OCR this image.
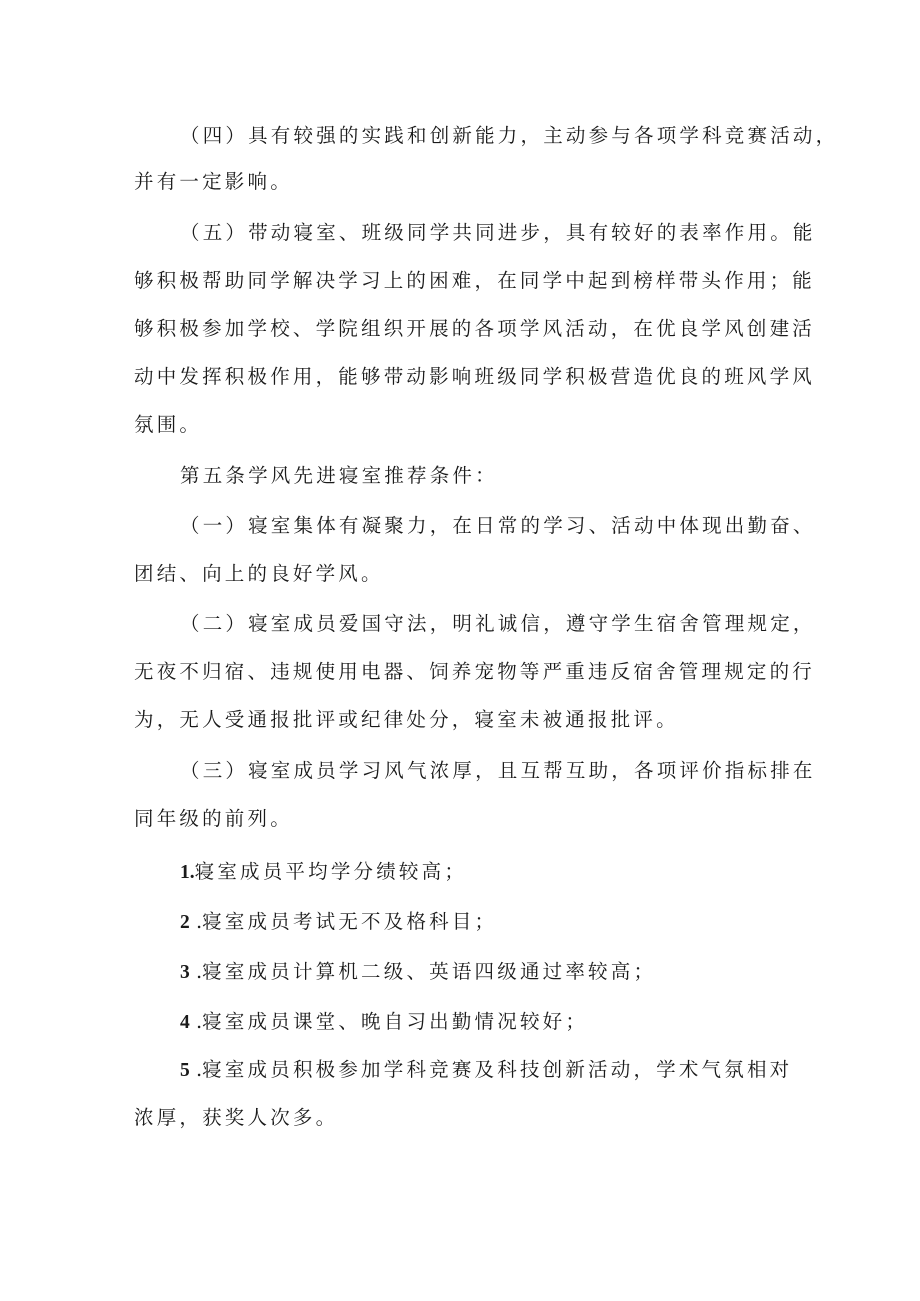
（四）具有较强的实践和创新能力，主动参与各项学科竞赛活动，
并有一定影响。
（五）带动寝室、班级同学共同进步，具有较好的表率作用。能
够积极帮助同学解决学习上的困难，在同学中起到榜样带头作用；能
够积极参加学校、学院组织开展的各项学风活动，在优良学风创建活
动中发挥积极作用，能够带动影响班级同学积极营造优良的班风学风
氛围。
第五条学风先进寝室推荐条件：
（一）寝室集体有凝聚力，在日常的学习、活动中体现出勤奋、
团结、向上的良好学风。
（二）寝室成员爱国守法，明礼诚信，遵守学生宿舍管理规定，
无夜不归宿、违规使用电器、饲养宠物等严重违反宿舍管理规定的行
为，无人受通报批评或纪律处分，寝室未被通报批评。
（三）寝室成员学习风气浓厚，且互帮互助，各项评价指标排在
同年级的前列。
1.寝室成员平均学分绩较高；
2 .寝室成员考试无不及格科目；
3 .寝室成员计算机二级、英语四级通过率较高；
4 .寝室成员课堂、晚自习出勤情况较好；
5 .寝室成员积极参加学科竞赛及科技创新活动，学术气氛相对
浓厚，获奖人次多。
